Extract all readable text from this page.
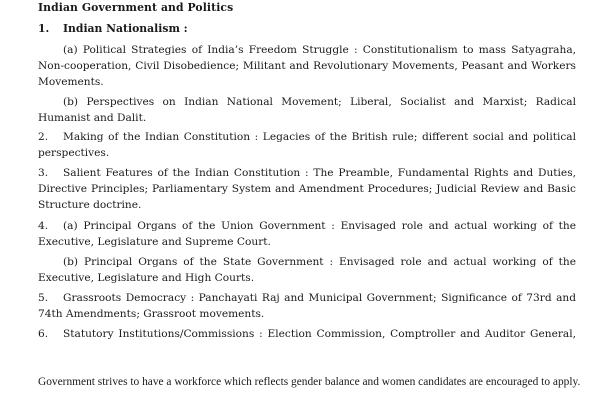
Indian Government and Politics
1. Indian Nationalism :
(a) Political Strategies of India’s Freedom Struggle : Constitutionalism to mass Satyagraha, Non-cooperation, Civil Disobedience; Militant and Revolutionary Movements, Peasant and Workers Movements.
(b) Perspectives on Indian National Movement; Liberal, Socialist and Marxist; Radical Humanist and Dalit.
2. Making of the Indian Constitution : Legacies of the British rule; different social and political perspectives.
3. Salient Features of the Indian Constitution : The Preamble, Fundamental Rights and Duties, Directive Principles; Parliamentary System and Amendment Procedures; Judicial Review and Basic Structure doctrine.
4. (a) Principal Organs of the Union Government : Envisaged role and actual working of the Executive, Legislature and Supreme Court.
(b) Principal Organs of the State Government : Envisaged role and actual working of the Executive, Legislature and High Courts.
5. Grassroots Democracy : Panchayati Raj and Municipal Government; Significance of 73rd and 74th Amendments; Grassroot movements.
6. Statutory Institutions/Commissions : Election Commission, Comptroller and Auditor General,
Government strives to have a workforce which reflects gender balance and women candidates are encouraged to apply.
